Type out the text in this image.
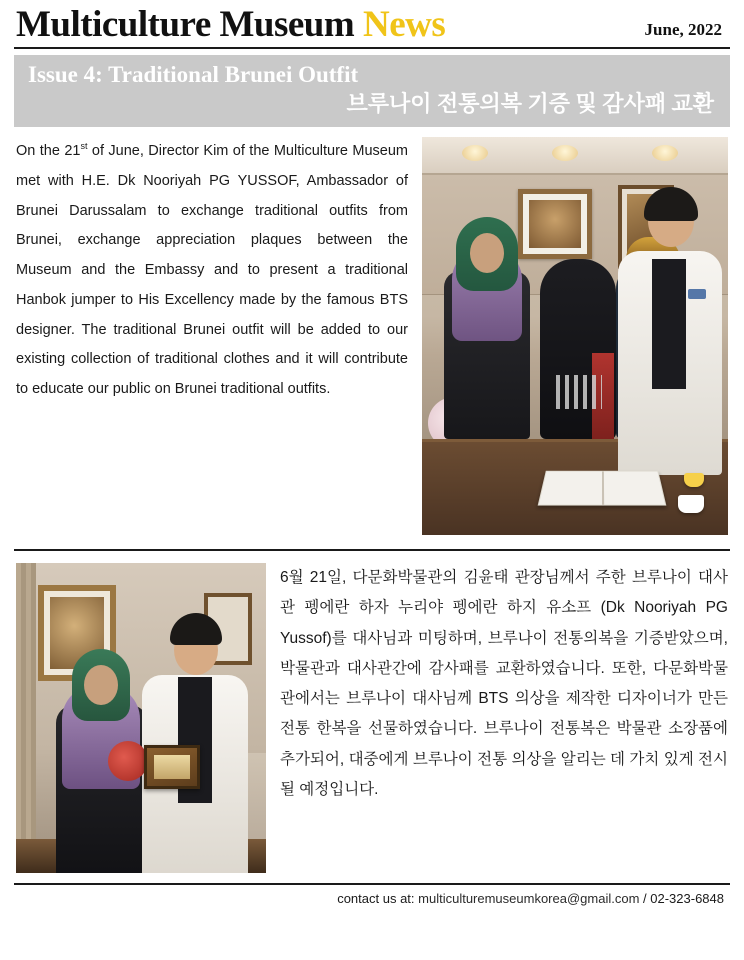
Multiculture Museum News	June, 2022
Issue 4: Traditional Brunei Outfit
브루나이 전통의복 기증 및 감사패 교환
On the 21st of June, Director Kim of the Multiculture Museum met with H.E. Dk Nooriyah PG YUSSOF, Ambassador of Brunei Darussalam to exchange traditional outfits from Brunei, exchange appreciation plaques between the Museum and the Embassy and to present a traditional Hanbok jumper to His Excellency made by the famous BTS designer. The traditional Brunei outfit will be added to our existing collection of traditional clothes and it will contribute to educate our public on Brunei traditional outfits.
6월 21일, 다문화박물관의 김윤태 관장님께서 주한 브루나이 대사관 펭에란 하자 누리야 펭에란 하지 유소프 (Dk Nooriyah PG Yussof)를 대사님과 미팅하며, 브루나이 전통의복을 기증받았으며, 박물관과 대사관간에 감사패를 교환하였습니다. 또한, 다문화박물관에서는 브루나이 대사님께 BTS 의상을 제작한 디자이너가 만든 전통 한복을 선물하였습니다. 브루나이 전통복은 박물관 소장품에 추가되어, 대중에게 브루나이 전통 의상을 알리는 데 가치 있게 전시될 예정입니다.
contact us at: multiculturemuseumkorea@gmail.com / 02-323-6848
